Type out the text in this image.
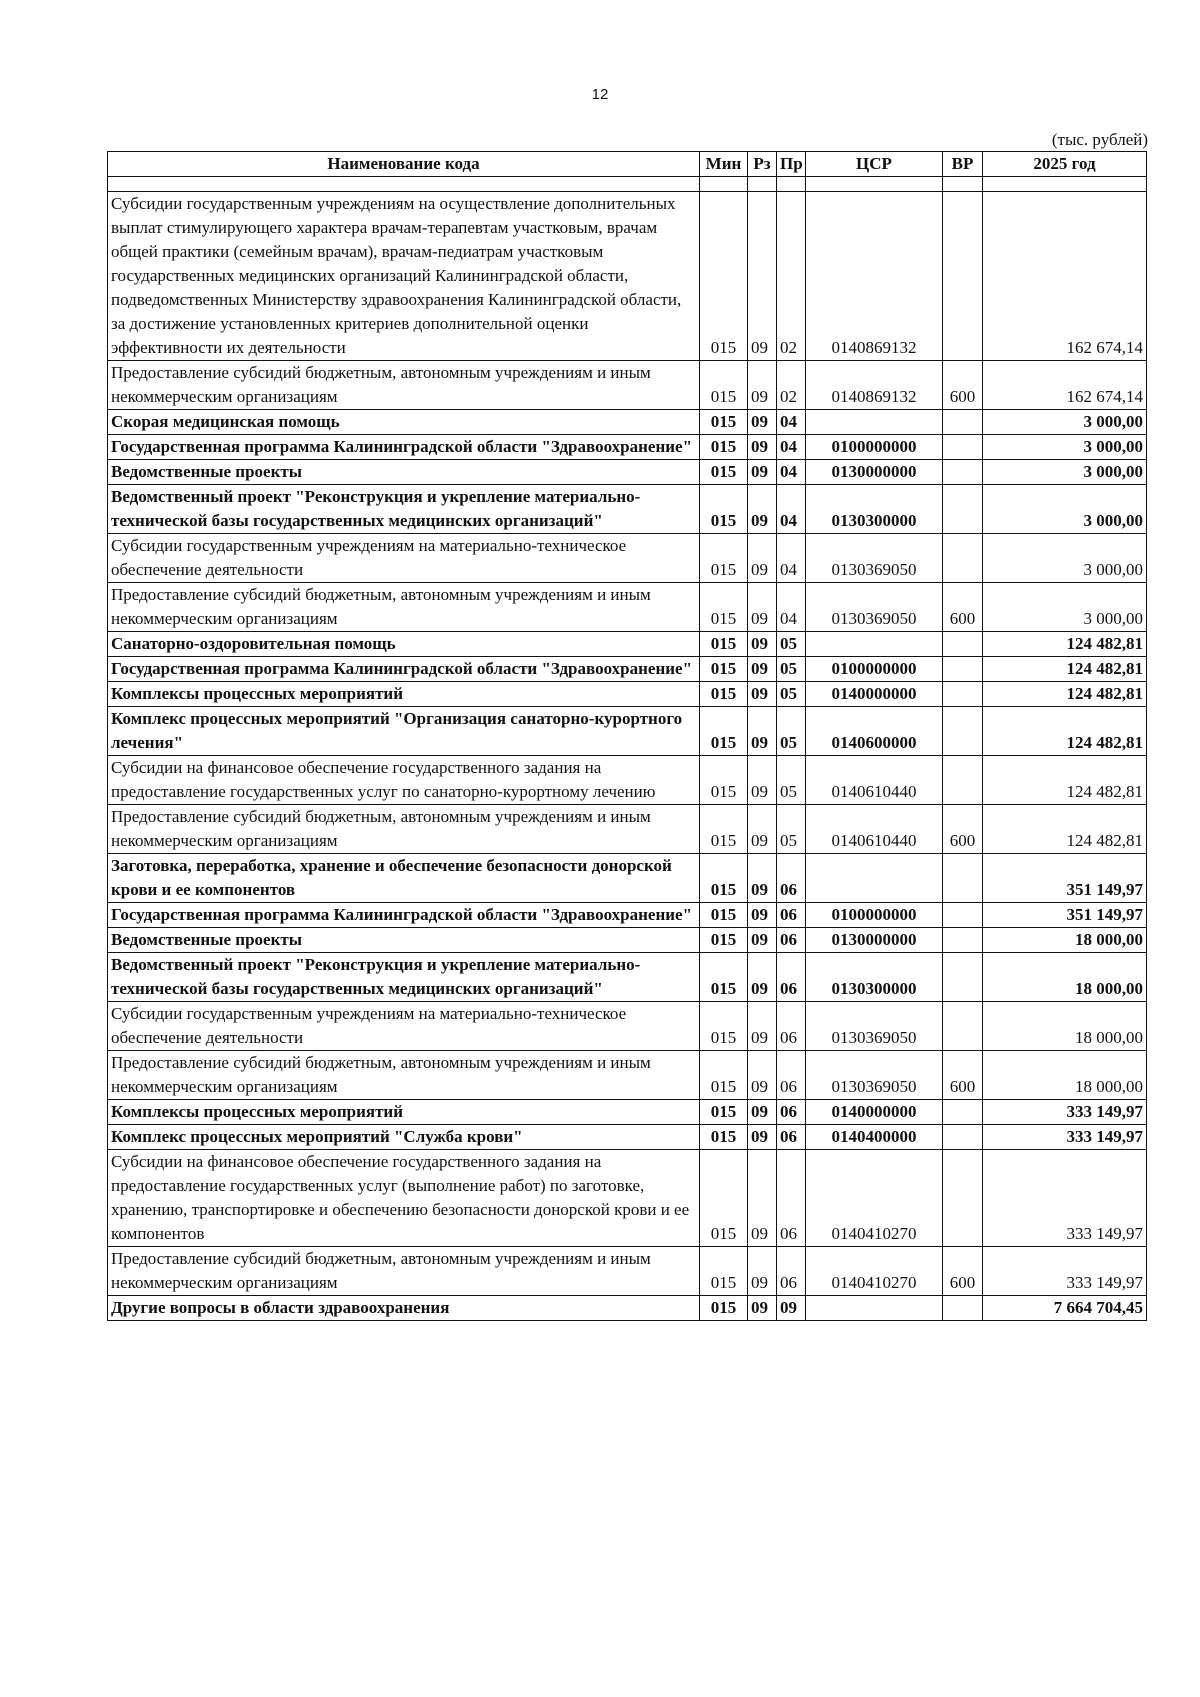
12
(тыс. рублей)
Наименование кода	Мин	Рз	Пр	ЦСР	ВР	2025 год

Субсидии государственным учреждениям на осуществление дополнительных выплат стимулирующего характера врачам-терапевтам участковым, врачам общей практики (семейным врачам), врачам-педиатрам участковым государственных медицинских организаций Калининградской области, подведомственных Министерству здравоохранения Калининградской области, за достижение установленных критериев дополнительной оценки эффективности их деятельности	015	09	02	0140869132		162 674,14
Предоставление субсидий бюджетным, автономным учреждениям и иным некоммерческим организациям	015	09	02	0140869132	600	162 674,14
Скорая медицинская помощь	015	09	04			3 000,00
Государственная программа Калининградской области "Здравоохранение"	015	09	04	0100000000		3 000,00
Ведомственные проекты	015	09	04	0130000000		3 000,00
Ведомственный проект "Реконструкция и укрепление материально-технической базы государственных медицинских организаций"	015	09	04	0130300000		3 000,00
Субсидии государственным учреждениям на материально-техническое обеспечение деятельности	015	09	04	0130369050		3 000,00
Предоставление субсидий бюджетным, автономным учреждениям и иным некоммерческим организациям	015	09	04	0130369050	600	3 000,00
Санаторно-оздоровительная помощь	015	09	05			124 482,81
Государственная программа Калининградской области "Здравоохранение"	015	09	05	0100000000		124 482,81
Комплексы процессных мероприятий	015	09	05	0140000000		124 482,81
Комплекс процессных мероприятий "Организация санаторно-курортного лечения"	015	09	05	0140600000		124 482,81
Субсидии на финансовое обеспечение государственного задания на предоставление государственных услуг по санаторно-курортному лечению	015	09	05	0140610440		124 482,81
Предоставление субсидий бюджетным, автономным учреждениям и иным некоммерческим организациям	015	09	05	0140610440	600	124 482,81
Заготовка, переработка, хранение и обеспечение безопасности донорской крови и ее компонентов	015	09	06			351 149,97
Государственная программа Калининградской области "Здравоохранение"	015	09	06	0100000000		351 149,97
Ведомственные проекты	015	09	06	0130000000		18 000,00
Ведомственный проект "Реконструкция и укрепление материально-технической базы государственных медицинских организаций"	015	09	06	0130300000		18 000,00
Субсидии государственным учреждениям на материально-техническое обеспечение деятельности	015	09	06	0130369050		18 000,00
Предоставление субсидий бюджетным, автономным учреждениям и иным некоммерческим организациям	015	09	06	0130369050	600	18 000,00
Комплексы процессных мероприятий	015	09	06	0140000000		333 149,97
Комплекс процессных мероприятий "Служба крови"	015	09	06	0140400000		333 149,97
Субсидии на финансовое обеспечение государственного задания на предоставление государственных услуг (выполнение работ) по заготовке, хранению, транспортировке и обеспечению безопасности донорской крови и ее компонентов	015	09	06	0140410270		333 149,97
Предоставление субсидий бюджетным, автономным учреждениям и иным некоммерческим организациям	015	09	06	0140410270	600	333 149,97
Другие вопросы в области здравоохранения	015	09	09			7 664 704,45
